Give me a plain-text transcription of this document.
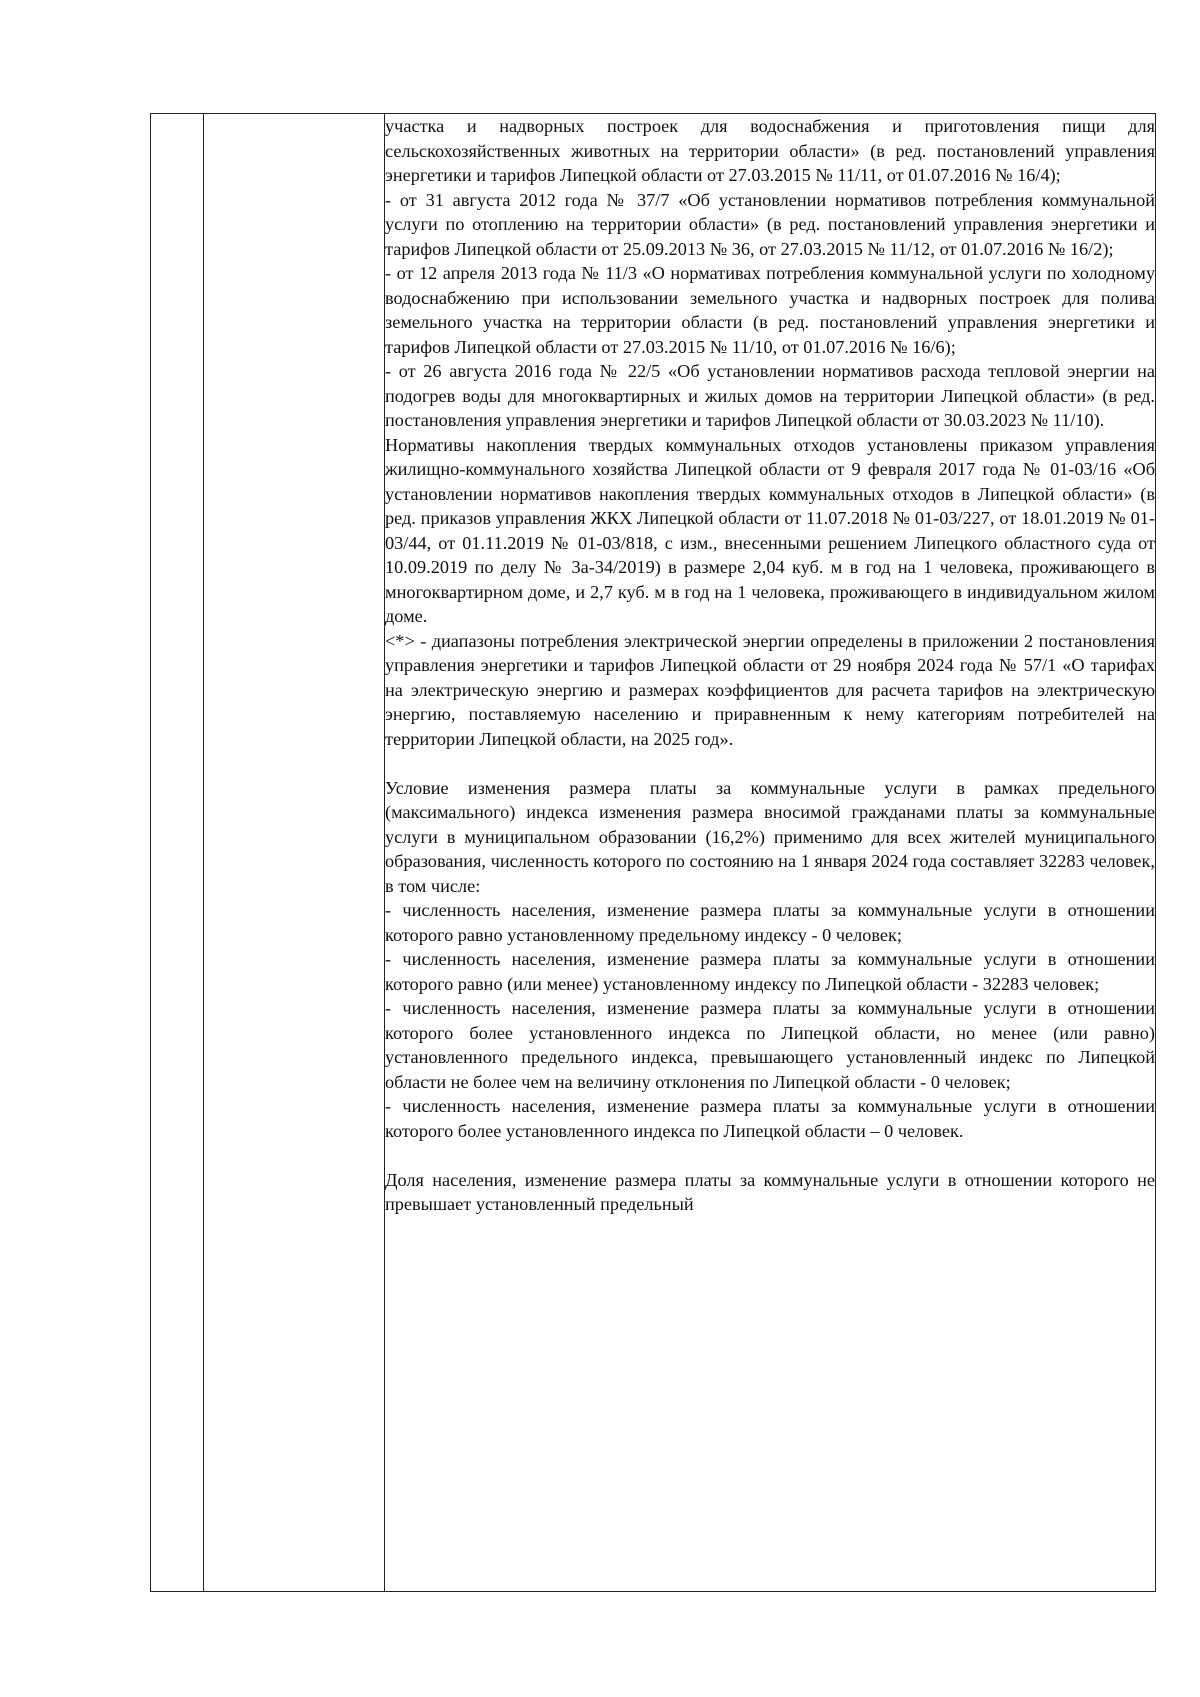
участка и надворных построек для водоснабжения и приготовления пищи для сельскохозяйственных животных на территории области» (в ред. постановлений управления энергетики и тарифов Липецкой области от 27.03.2015 № 11/11, от 01.07.2016 № 16/4);

- от 31 августа 2012 года № 37/7 «Об установлении нормативов потребления коммунальной услуги по отоплению на территории области» (в ред. постановлений управления энергетики и тарифов Липецкой области от 25.09.2013 № 36, от 27.03.2015 № 11/12, от 01.07.2016 № 16/2);

- от 12 апреля 2013 года № 11/3 «О нормативах потребления коммунальной услуги по холодному водоснабжению при использовании земельного участка и надворных построек для полива земельного участка на территории области (в ред. постановлений управления энергетики и тарифов Липецкой области от 27.03.2015 № 11/10, от 01.07.2016 № 16/6);

- от 26 августа 2016 года № 22/5 «Об установлении нормативов расхода тепловой энергии на подогрев воды для многоквартирных и жилых домов на территории Липецкой области» (в ред. постановления управления энергетики и тарифов Липецкой области от 30.03.2023 № 11/10).

Нормативы накопления твердых коммунальных отходов установлены приказом управления жилищно-коммунального хозяйства Липецкой области от 9 февраля 2017 года № 01-03/16 «Об установлении нормативов накопления твердых коммунальных отходов в Липецкой области» (в ред. приказов управления ЖКХ Липецкой области от 11.07.2018 № 01-03/227, от 18.01.2019 № 01-03/44, от 01.11.2019 № 01-03/818, с изм., внесенными решением Липецкого областного суда от 10.09.2019 по делу № 3а-34/2019) в размере 2,04 куб. м в год на 1 человека, проживающего в многоквартирном доме, и 2,7 куб. м в год на 1 человека, проживающего в индивидуальном жилом доме.

<*> - диапазоны потребления электрической энергии определены в приложении 2 постановления управления энергетики и тарифов Липецкой области от 29 ноября 2024 года № 57/1 «О тарифах на электрическую энергию и размерах коэффициентов для расчета тарифов на электрическую энергию, поставляемую населению и приравненным к нему категориям потребителей на территории Липецкой области, на 2025 год».

Условие изменения размера платы за коммунальные услуги в рамках предельного (максимального) индекса изменения размера вносимой гражданами платы за коммунальные услуги в муниципальном образовании (16,2%) применимо для всех жителей муниципального образования, численность которого по состоянию на 1 января 2024 года составляет 32283 человек, в том числе:

- численность населения, изменение размера платы за коммунальные услуги в отношении которого равно установленному предельному индексу - 0 человек;

- численность населения, изменение размера платы за коммунальные услуги в отношении которого равно (или менее) установленному индексу по Липецкой области - 32283 человек;

- численность населения, изменение размера платы за коммунальные услуги в отношении которого более установленного индекса по Липецкой области, но менее (или равно) установленного предельного индекса, превышающего установленный индекс по Липецкой области не более чем на величину отклонения по Липецкой области - 0 человек;

- численность населения, изменение размера платы за коммунальные услуги в отношении которого более установленного индекса по Липецкой области – 0 человек.

Доля населения, изменение размера платы за коммунальные услуги в отношении которого не превышает установленный предельный
